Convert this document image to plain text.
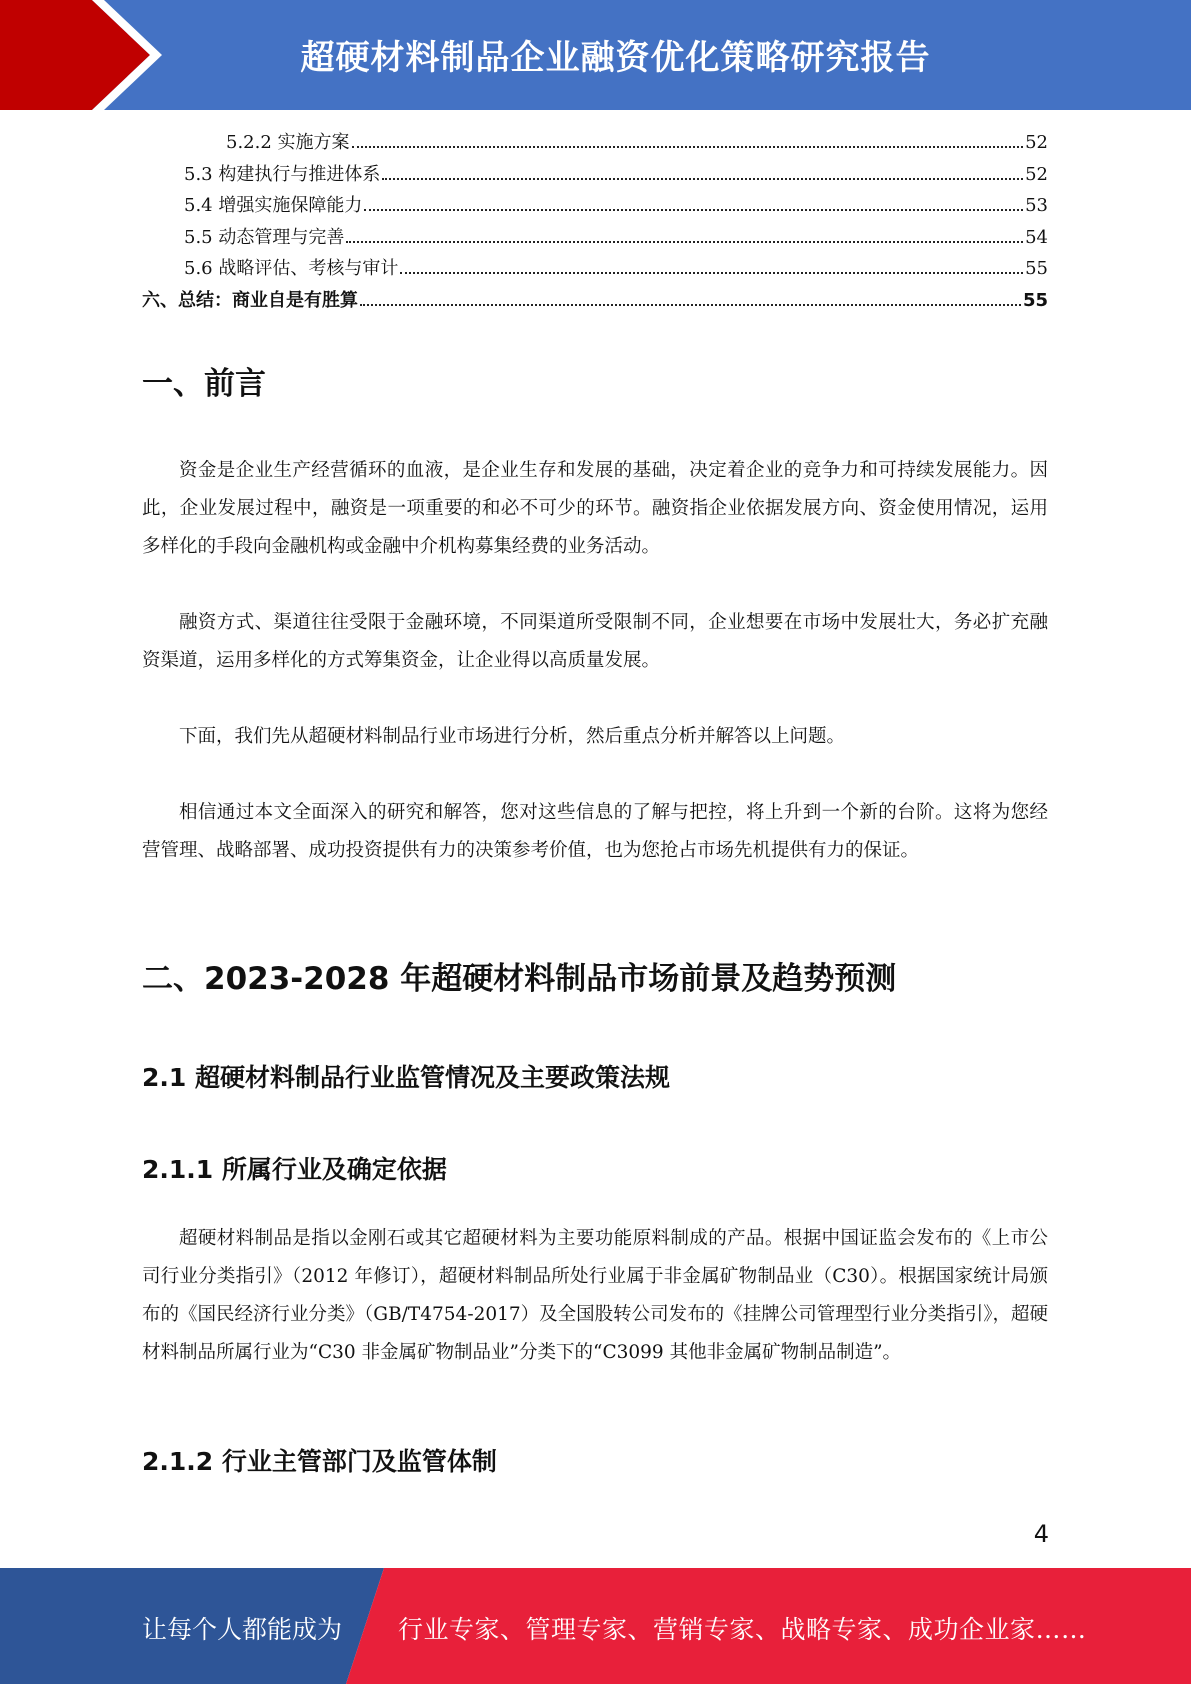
超硬材料制品企业融资优化策略研究报告
5.2.2 实施方案	52
5.3 构建执行与推进体系	52
5.4 增强实施保障能力	53
5.5 动态管理与完善	54
5.6 战略评估、考核与审计	55
六、总结：商业自是有胜算	55
一、前言

资金是企业生产经营循环的血液，是企业生存和发展的基础，决定着企业的竞争力和可持续发展能力。因此，企业发展过程中，融资是一项重要的和必不可少的环节。融资指企业依据发展方向、资金使用情况，运用多样化的手段向金融机构或金融中介机构募集经费的业务活动。

融资方式、渠道往往受限于金融环境，不同渠道所受限制不同，企业想要在市场中发展壮大，务必扩充融资渠道，运用多样化的方式筹集资金，让企业得以高质量发展。

下面，我们先从超硬材料制品行业市场进行分析，然后重点分析并解答以上问题。

相信通过本文全面深入的研究和解答，您对这些信息的了解与把控，将上升到一个新的台阶。这将为您经营管理、战略部署、成功投资提供有力的决策参考价值，也为您抢占市场先机提供有力的保证。

二、2023-2028 年超硬材料制品市场前景及趋势预测
2.1 超硬材料制品行业监管情况及主要政策法规
2.1.1 所属行业及确定依据

超硬材料制品是指以金刚石或其它超硬材料为主要功能原料制成的产品。根据中国证监会发布的《上市公司行业分类指引》（2012 年修订），超硬材料制品所处行业属于非金属矿物制品业（C30）。根据国家统计局颁布的《国民经济行业分类》（GB/T4754-2017）及全国股转公司发布的《挂牌公司管理型行业分类指引》，超硬材料制品所属行业为“C30 非金属矿物制品业”分类下的“C3099 其他非金属矿物制品制造”。

2.1.2 行业主管部门及监管体制
4
让每个人都能成为 行业专家、管理专家、营销专家、战略专家、成功企业家……
